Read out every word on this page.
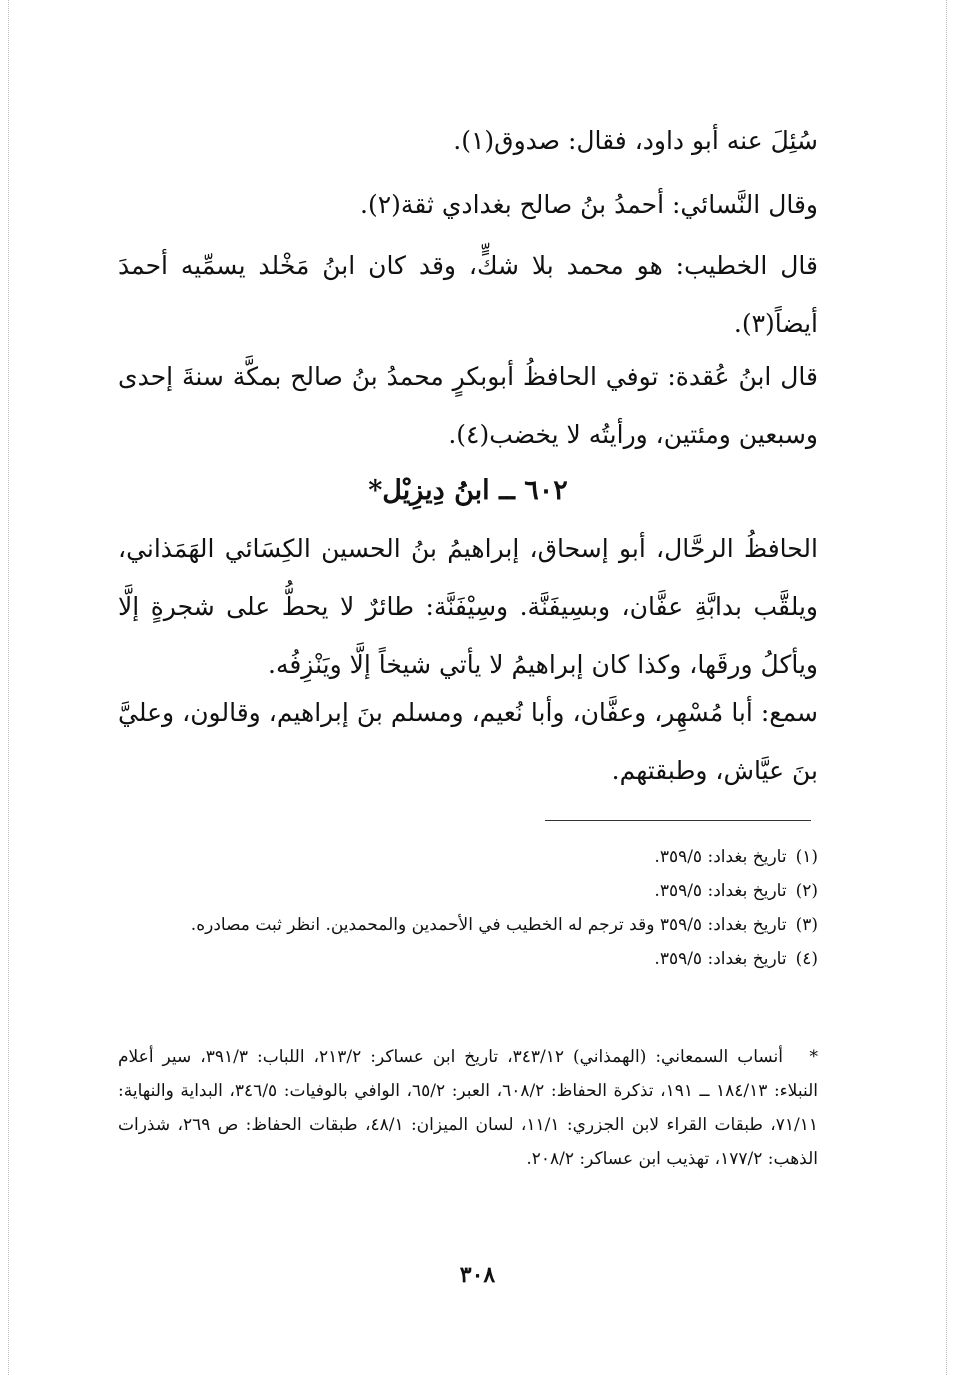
سُئِلَ عنه أبو داود، فقال: صدوق(١).

وقال النَّسائي: أحمدُ بنُ صالح بغدادي ثقة(٢).

قال الخطيب: هو محمد بلا شكٍّ، وقد كان ابنُ مَخْلد يسمِّيه أحمدَ أيضاً(٣).

قال ابنُ عُقدة: توفي الحافظُ أبوبكرٍ محمدُ بنُ صالح بمكَّة سنةَ إحدى وسبعين ومئتين، ورأيتُه لا يخضب(٤).

٦٠٢ ــ ابنُ دِيزِيْل*

الحافظُ الرحَّال، أبو إسحاق، إبراهيمُ بنُ الحسين الكِسَائي الهَمَذاني، ويلقَّب بدابَّةِ عفَّان، وبسِيفَنَّة. وسِيْفَنَّة: طائرٌ لا يحطُّ على شجرةٍ إلَّا ويأكلُ ورقَها، وكذا كان إبراهيمُ لا يأتي شيخاً إلَّا ويَنْزِفُه.

سمع: أبا مُسْهِر، وعفَّان، وأبا نُعيم، ومسلم بنَ إبراهيم، وقالون، وعليَّ بنَ عيَّاش، وطبقتهم.

(١) تاريخ بغداد: ٣٥٩/٥.
(٢) تاريخ بغداد: ٣٥٩/٥.
(٣) تاريخ بغداد: ٣٥٩/٥ وقد ترجم له الخطيب في الأحمدين والمحمدين. انظر ثبت مصادره.
(٤) تاريخ بغداد: ٣٥٩/٥.

* أنساب السمعاني: (الهمذاني) ٣٤٣/١٢، تاريخ ابن عساكر: ٢١٣/٢، اللباب: ٣٩١/٣، سير أعلام النبلاء: ١٨٤/١٣ ــ ١٩١، تذكرة الحفاظ: ٦٠٨/٢، العبر: ٦٥/٢، الوافي بالوفيات: ٣٤٦/٥، البداية والنهاية: ٧١/١١، طبقات القراء لابن الجزري: ١١/١، لسان الميزان: ٤٨/١، طبقات الحفاظ: ص ٢٦٩، شذرات الذهب: ١٧٧/٢، تهذيب ابن عساكر: ٢٠٨/٢.

٣٠٨
